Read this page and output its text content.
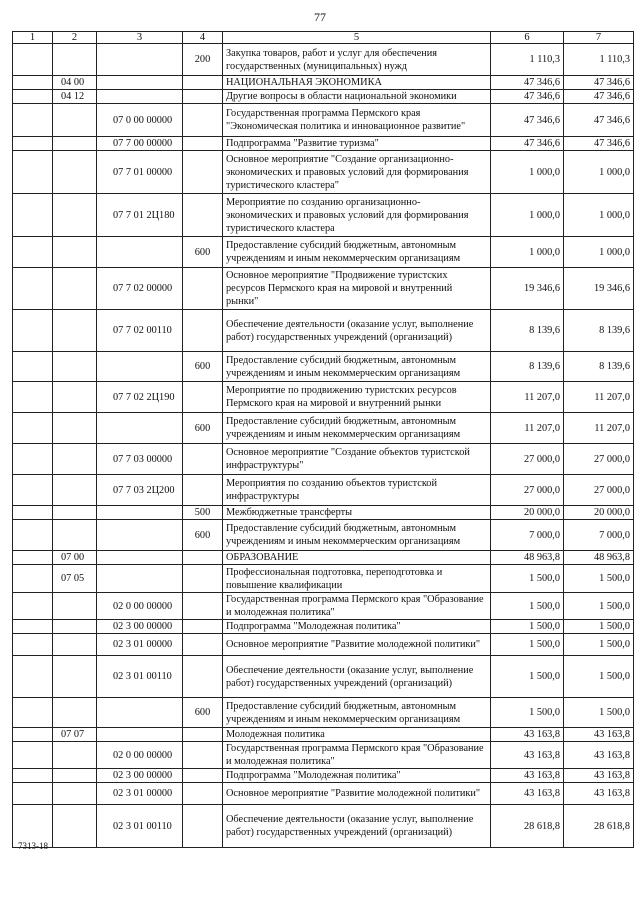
77
1	2	3	4	5	6	7
			200	Закупка товаров, работ и услуг для обеспечения государственных (муниципальных) нужд	1 110,3	1 110,3
	04 00			НАЦИОНАЛЬНАЯ ЭКОНОМИКА	47 346,6	47 346,6
	04 12			Другие вопросы в области национальной экономики	47 346,6	47 346,6
		07 0 00 00000		Государственная программа Пермского края "Экономическая политика и инновационное развитие"	47 346,6	47 346,6
		07 7 00 00000		Подпрограмма "Развитие туризма"	47 346,6	47 346,6
		07 7 01 00000		Основное мероприятие "Создание организационно-экономических и правовых условий для формирования туристического кластера"	1 000,0	1 000,0
		07 7 01 2Ц180		Мероприятие по созданию организационно-экономических и правовых условий для формирования туристического кластера	1 000,0	1 000,0
			600	Предоставление субсидий бюджетным, автономным учреждениям и иным некоммерческим организациям	1 000,0	1 000,0
		07 7 02 00000		Основное мероприятие "Продвижение туристских ресурсов Пермского края на мировой и внутренний рынки"	19 346,6	19 346,6
		07 7 02 00110		Обеспечение деятельности (оказание услуг, выполнение работ) государственных учреждений (организаций)	8 139,6	8 139,6
			600	Предоставление субсидий бюджетным, автономным учреждениям и иным некоммерческим организациям	8 139,6	8 139,6
		07 7 02 2Ц190		Мероприятие по продвижению туристских ресурсов Пермского края на мировой и внутренний рынки	11 207,0	11 207,0
			600	Предоставление субсидий бюджетным, автономным учреждениям и иным некоммерческим организациям	11 207,0	11 207,0
		07 7 03 00000		Основное мероприятие "Создание объектов туристской инфраструктуры"	27 000,0	27 000,0
		07 7 03 2Ц200		Мероприятия по созданию объектов туристской инфраструктуры	27 000,0	27 000,0
			500	Межбюджетные трансферты	20 000,0	20 000,0
			600	Предоставление субсидий бюджетным, автономным учреждениям и иным некоммерческим организациям	7 000,0	7 000,0
	07 00			ОБРАЗОВАНИЕ	48 963,8	48 963,8
	07 05			Профессиональная подготовка, переподготовка и повышение квалификации	1 500,0	1 500,0
		02 0 00 00000		Государственная программа Пермского края "Образование и молодежная политика"	1 500,0	1 500,0
		02 3 00 00000		Подпрограмма "Молодежная политика"	1 500,0	1 500,0
		02 3 01 00000		Основное мероприятие "Развитие молодежной политики"	1 500,0	1 500,0
		02 3 01 00110		Обеспечение деятельности (оказание услуг, выполнение работ) государственных учреждений (организаций)	1 500,0	1 500,0
			600	Предоставление субсидий бюджетным, автономным учреждениям и иным некоммерческим организациям	1 500,0	1 500,0
	07 07			Молодежная политика	43 163,8	43 163,8
		02 0 00 00000		Государственная программа Пермского края "Образование и молодежная политика"	43 163,8	43 163,8
		02 3 00 00000		Подпрограмма "Молодежная политика"	43 163,8	43 163,8
		02 3 01 00000		Основное мероприятие "Развитие молодежной политики"	43 163,8	43 163,8
		02 3 01 00110		Обеспечение деятельности (оказание услуг, выполнение работ) государственных учреждений (организаций)	28 618,8	28 618,8
7313-18
